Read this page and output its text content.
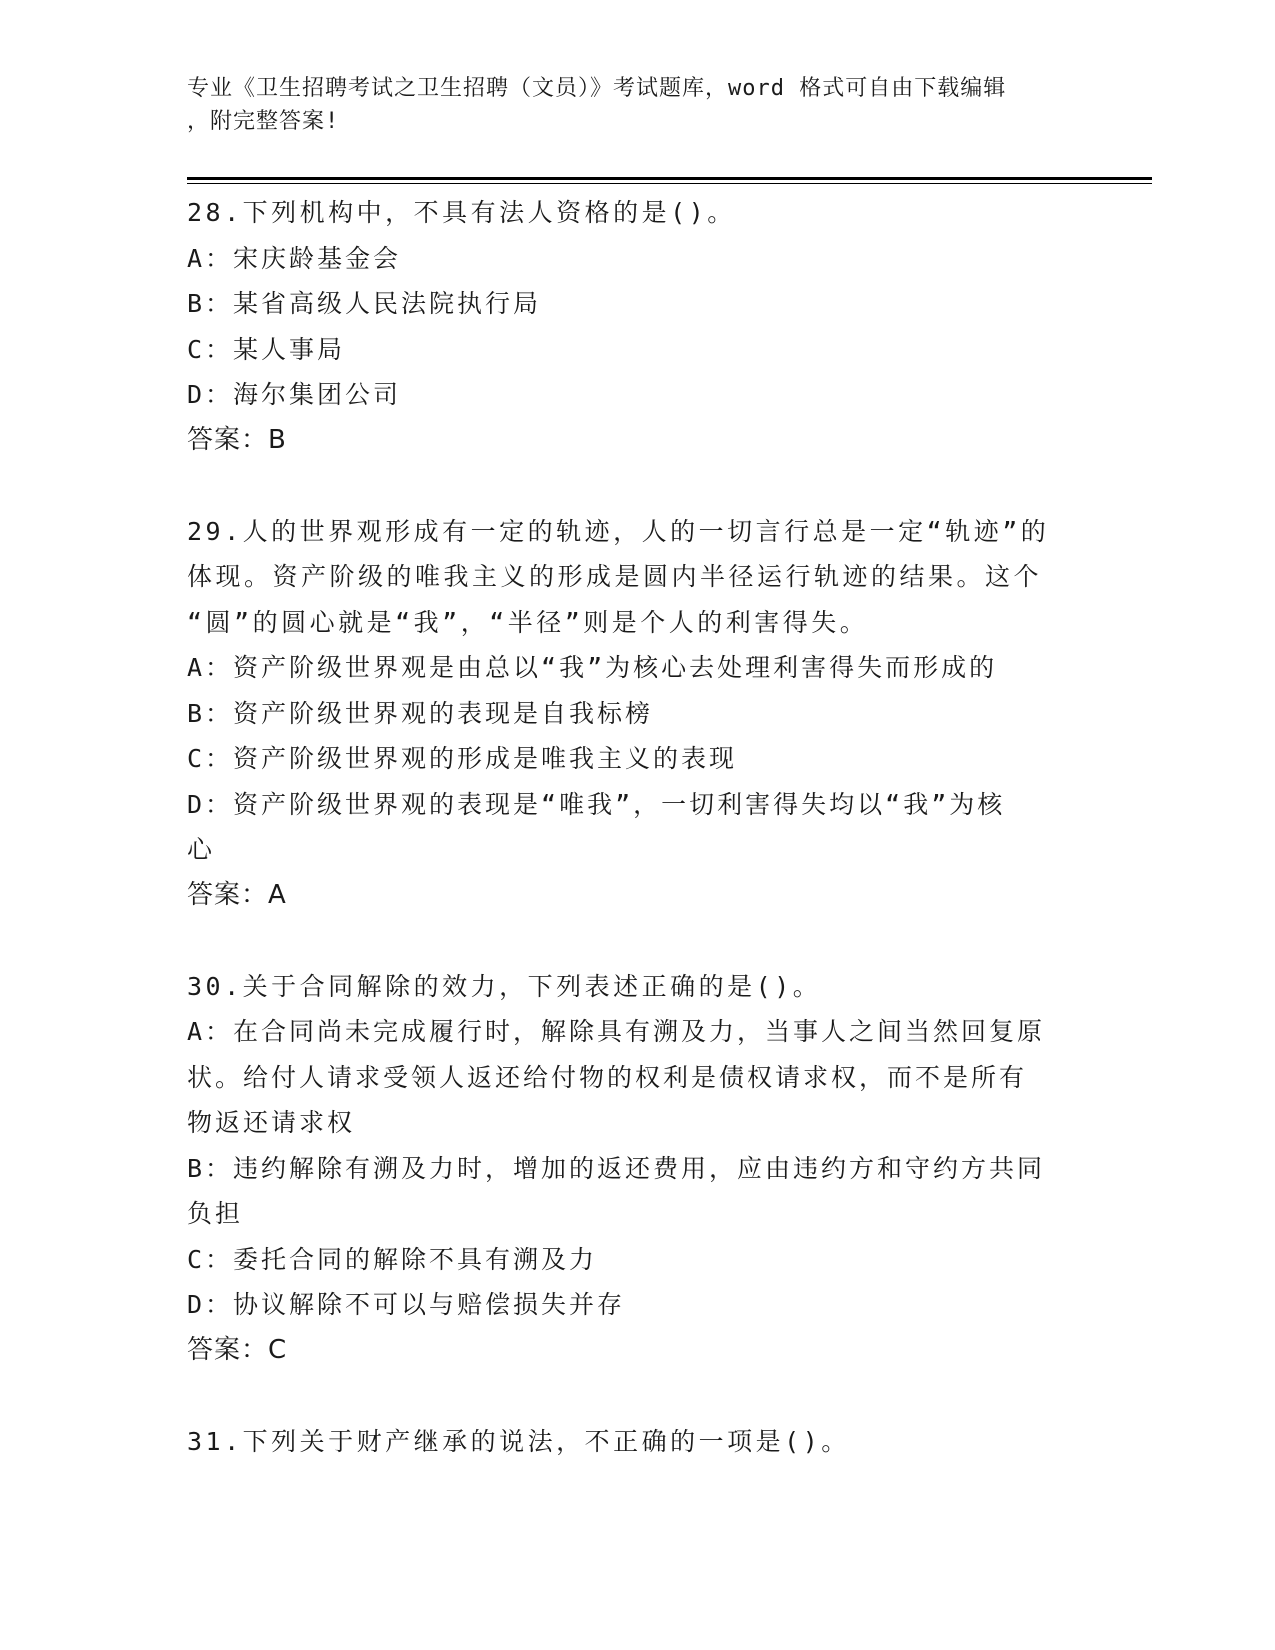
专业《卫生招聘考试之卫生招聘（文员）》考试题库，word 格式可自由下载编辑
，附完整答案!

28.下列机构中，不具有法人资格的是()。

A：宋庆龄基金会

B：某省高级人民法院执行局

C：某人事局

D：海尔集团公司

答案：B

29.人的世界观形成有一定的轨迹，人的一切言行总是一定“轨迹”的

体现。资产阶级的唯我主义的形成是圆内半径运行轨迹的结果。这个

“圆”的圆心就是“我”，“半径”则是个人的利害得失。

A：资产阶级世界观是由总以“我”为核心去处理利害得失而形成的

B：资产阶级世界观的表现是自我标榜

C：资产阶级世界观的形成是唯我主义的表现

D：资产阶级世界观的表现是“唯我”，一切利害得失均以“我”为核

心

答案：A

30.关于合同解除的效力，下列表述正确的是()。

A：在合同尚未完成履行时，解除具有溯及力，当事人之间当然回复原

状。给付人请求受领人返还给付物的权利是债权请求权，而不是所有

物返还请求权

B：违约解除有溯及力时，增加的返还费用，应由违约方和守约方共同

负担

C：委托合同的解除不具有溯及力

D：协议解除不可以与赔偿损失并存

答案：C

31.下列关于财产继承的说法，不正确的一项是()。
